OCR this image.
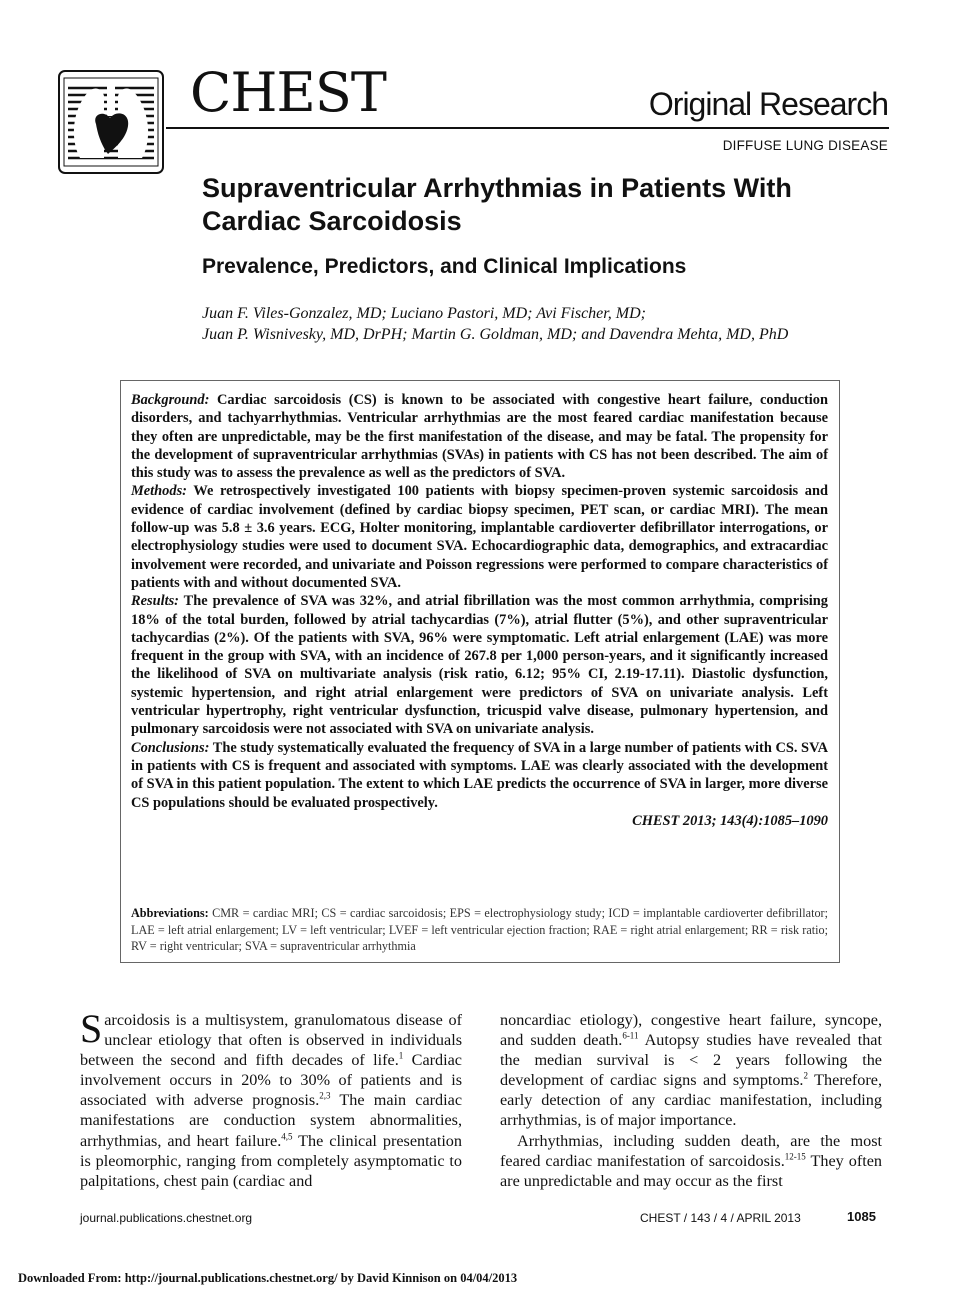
CHEST	Original Research
DIFFUSE LUNG DISEASE
Supraventricular Arrhythmias in Patients With Cardiac Sarcoidosis
Prevalence, Predictors, and Clinical Implications
Juan F. Viles-Gonzalez, MD; Luciano Pastori, MD; Avi Fischer, MD;
Juan P. Wisnivesky, MD, DrPH; Martin G. Goldman, MD; and Davendra Mehta, MD, PhD

Background: Cardiac sarcoidosis (CS) is known to be associated with congestive heart failure, conduction disorders, and tachyarrhythmias. Ventricular arrhythmias are the most feared cardiac manifestation because they often are unpredictable, may be the first manifestation of the disease, and may be fatal. The propensity for the development of supraventricular arrhythmias (SVAs) in patients with CS has not been described. The aim of this study was to assess the prevalence as well as the predictors of SVA.

Methods: We retrospectively investigated 100 patients with biopsy specimen-proven systemic sarcoidosis and evidence of cardiac involvement (defined by cardiac biopsy specimen, PET scan, or cardiac MRI). The mean follow-up was 5.8 ± 3.6 years. ECG, Holter monitoring, implantable cardioverter defibrillator interrogations, or electrophysiology studies were used to document SVA. Echocardiographic data, demographics, and extracardiac involvement were recorded, and univariate and Poisson regressions were performed to compare characteristics of patients with and without documented SVA.

Results: The prevalence of SVA was 32%, and atrial fibrillation was the most common arrhythmia, comprising 18% of the total burden, followed by atrial tachycardias (7%), atrial flutter (5%), and other supraventricular tachycardias (2%). Of the patients with SVA, 96% were symptomatic. Left atrial enlargement (LAE) was more frequent in the group with SVA, with an incidence of 267.8 per 1,000 person-years, and it significantly increased the likelihood of SVA on multivariate analysis (risk ratio, 6.12; 95% CI, 2.19-17.11). Diastolic dysfunction, systemic hypertension, and right atrial enlargement were predictors of SVA on univariate analysis. Left ventricular hypertrophy, right ventricular dysfunction, tricuspid valve disease, pulmonary hypertension, and pulmonary sarcoidosis were not associated with SVA on univariate analysis.

Conclusions: The study systematically evaluated the frequency of SVA in a large number of patients with CS. SVA in patients with CS is frequent and associated with symptoms. LAE was clearly associated with the development of SVA in this patient population. The extent to which LAE predicts the occurrence of SVA in larger, more diverse CS populations should be evaluated prospectively.

CHEST 2013; 143(4):1085–1090

Abbreviations: CMR = cardiac MRI; CS = cardiac sarcoidosis; EPS = electrophysiology study; ICD = implantable cardioverter defibrillator; LAE = left atrial enlargement; LV = left ventricular; LVEF = left ventricular ejection fraction; RAE = right atrial enlargement; RR = risk ratio; RV = right ventricular; SVA = supraventricular arrhythmia

Sarcoidosis is a multisystem, granulomatous disease of unclear etiology that often is observed in individuals between the second and fifth decades of life.$^1$ Cardiac involvement occurs in 20% to 30% of patients and is associated with adverse prognosis.$^{2,3}$ The main cardiac manifestations are conduction system abnormalities, arrhythmias, and heart failure.$^{4,5}$ The clinical presentation is pleomorphic, ranging from completely asymptomatic to palpitations, chest pain (cardiac and

noncardiac etiology), congestive heart failure, syncope, and sudden death.$^{6-11}$ Autopsy studies have revealed that the median survival is < 2 years following the development of cardiac signs and symptoms.$^2$ Therefore, early detection of any cardiac manifestation, including arrhythmias, is of major importance.

Arrhythmias, including sudden death, are the most feared cardiac manifestation of sarcoidosis.$^{12-15}$ They often are unpredictable and may occur as the first

journal.publications.chestnet.org	CHEST / 143 / 4 / APRIL 2013	1085
Downloaded From: http://journal.publications.chestnet.org/ by David Kinnison on 04/04/2013
